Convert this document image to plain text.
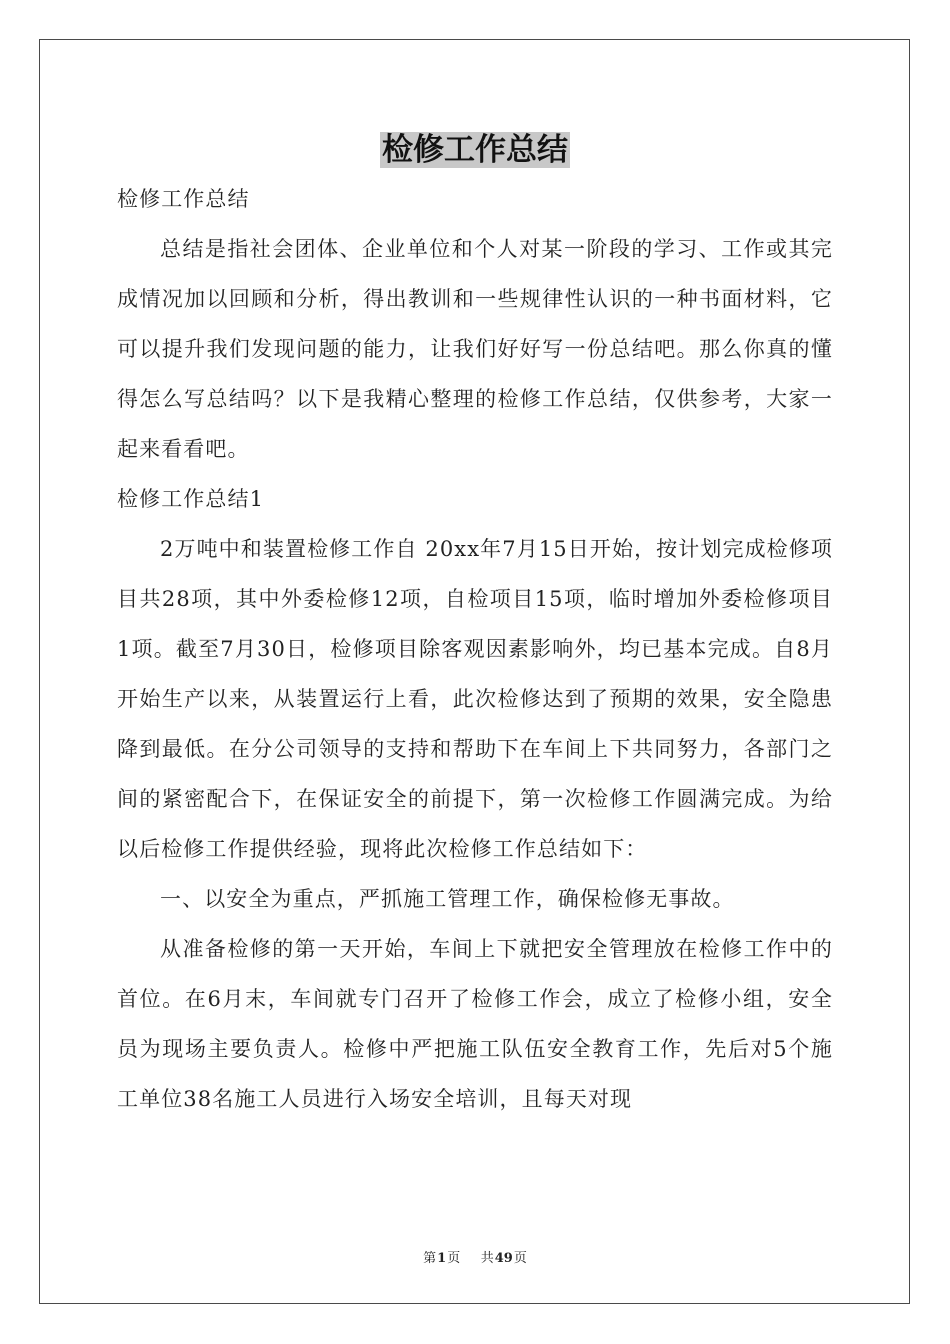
检修工作总结

检修工作总结

总结是指社会团体、企业单位和个人对某一阶段的学习、工作或其完成情况加以回顾和分析，得出教训和一些规律性认识的一种书面材料，它可以提升我们发现问题的能力，让我们好好写一份总结吧。那么你真的懂得怎么写总结吗？以下是我精心整理的检修工作总结，仅供参考，大家一起来看看吧。

检修工作总结1

2万吨中和装置检修工作自 20xx年7月15日开始，按计划完成检修项目共28项，其中外委检修12项，自检项目15项，临时增加外委检修项目1项。截至7月30日，检修项目除客观因素影响外，均已基本完成。自8月开始生产以来，从装置运行上看，此次检修达到了预期的效果，安全隐患降到最低。在分公司领导的支持和帮助下在车间上下共同努力，各部门之间的紧密配合下，在保证安全的前提下，第一次检修工作圆满完成。为给以后检修工作提供经验，现将此次检修工作总结如下：

一、以安全为重点，严抓施工管理工作，确保检修无事故。

从准备检修的第一天开始，车间上下就把安全管理放在检修工作中的首位。在6月末，车间就专门召开了检修工作会，成立了检修小组，安全员为现场主要负责人。检修中严把施工队伍安全教育工作，先后对5个施工单位38名施工人员进行入场安全培训，且每天对现

第1页 共49页
